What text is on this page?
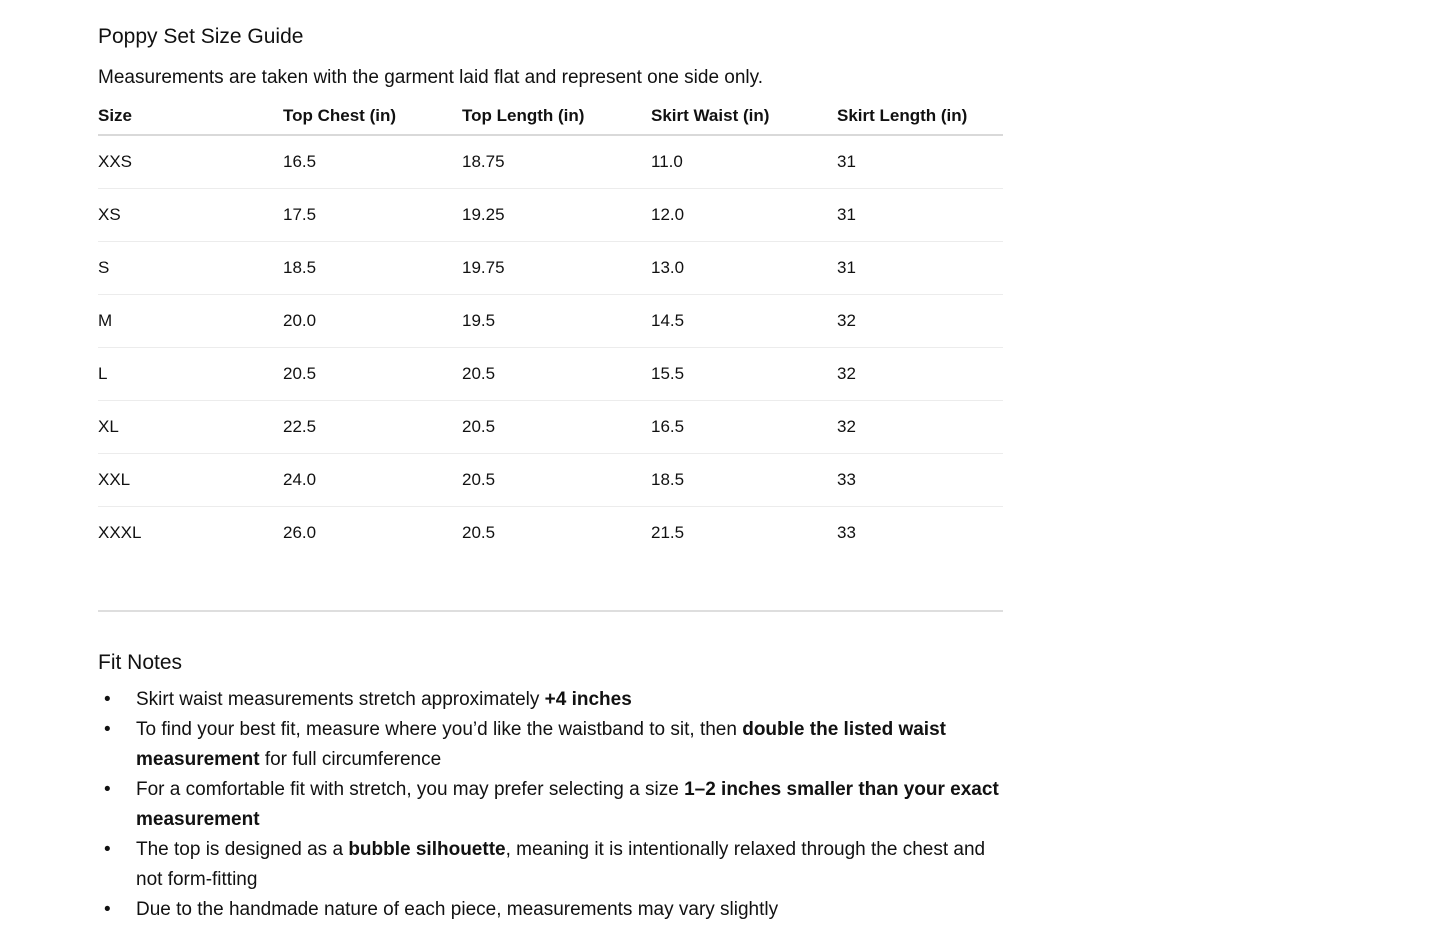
Poppy Set Size Guide

Measurements are taken with the garment laid flat and represent one side only.

Size	Top Chest (in)	Top Length (in)	Skirt Waist (in)	Skirt Length (in)
XXS	16.5	18.75	11.0	31
XS	17.5	19.25	12.0	31
S	18.5	19.75	13.0	31
M	20.0	19.5	14.5	32
L	20.5	20.5	15.5	32
XL	22.5	20.5	16.5	32
XXL	24.0	20.5	18.5	33
XXXL	26.0	20.5	21.5	33
Fit Notes
• Skirt waist measurements stretch approximately +4 inches
• To find your best fit, measure where you’d like the waistband to sit, then double the listed waist measurement for full circumference
• For a comfortable fit with stretch, you may prefer selecting a size 1–2 inches smaller than your exact measurement
• The top is designed as a bubble silhouette, meaning it is intentionally relaxed through the chest and not form-fitting
• Due to the handmade nature of each piece, measurements may vary slightly
